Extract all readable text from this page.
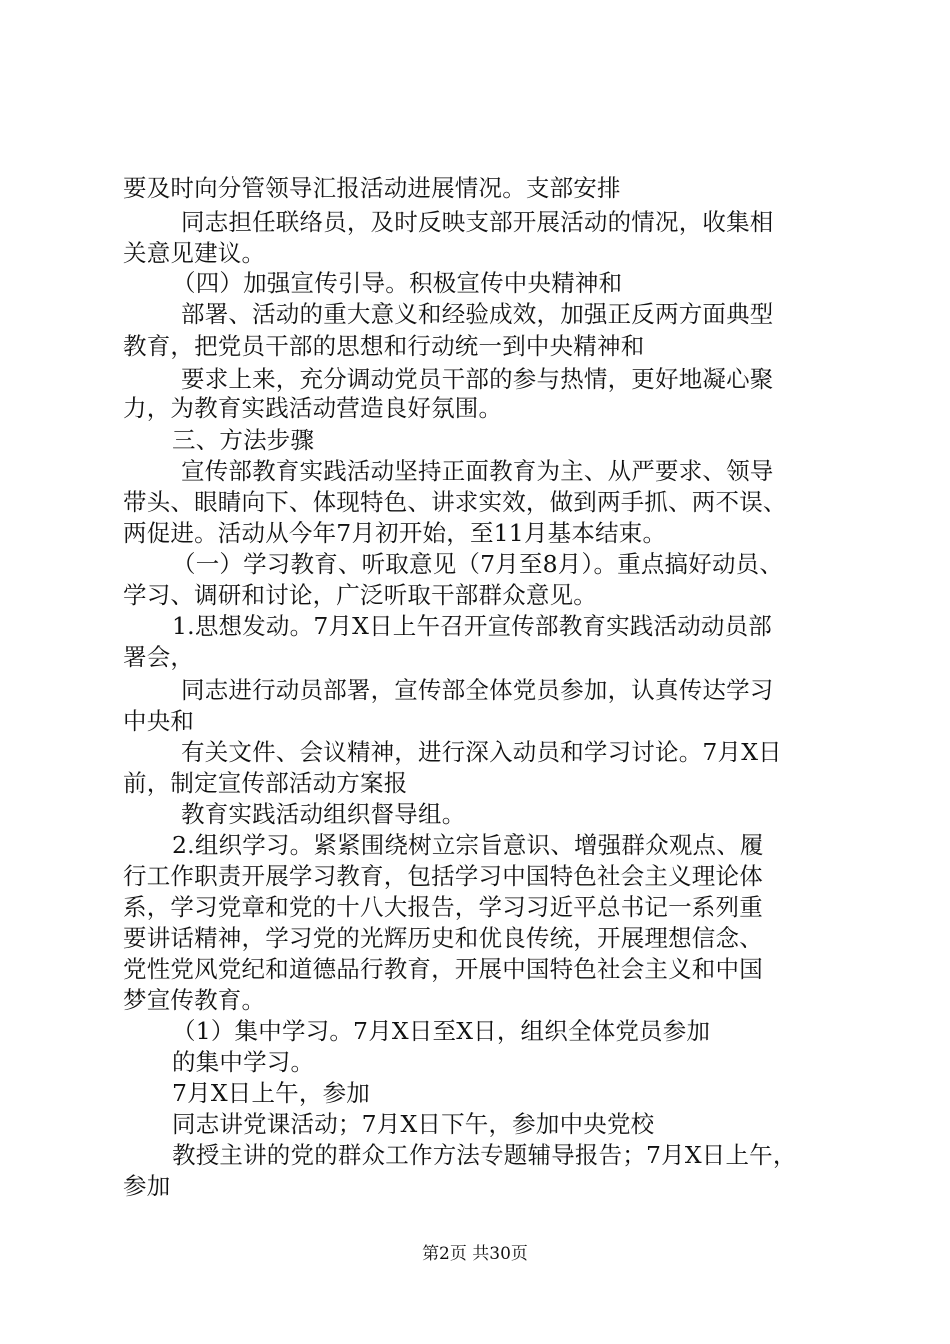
要及时向分管领导汇报活动进展情况。支部安排
同志担任联络员，及时反映支部开展活动的情况，收集相
关意见建议。
（四）加强宣传引导。积极宣传中央精神和
部署、活动的重大意义和经验成效，加强正反两方面典型
教育，把党员干部的思想和行动统一到中央精神和
要求上来，充分调动党员干部的参与热情，更好地凝心聚
力，为教育实践活动营造良好氛围。
三、方法步骤
宣传部教育实践活动坚持正面教育为主、从严要求、领导
带头、眼睛向下、体现特色、讲求实效，做到两手抓、两不误、
两促进。活动从今年7月初开始，至11月基本结束。
（一）学习教育、听取意见（7月至8月）。重点搞好动员、
学习、调研和讨论，广泛听取干部群众意见。
1.思想发动。7月X日上午召开宣传部教育实践活动动员部
署会，
同志进行动员部署，宣传部全体党员参加，认真传达学习
中央和
有关文件、会议精神，进行深入动员和学习讨论。7月X日
前，制定宣传部活动方案报
教育实践活动组织督导组。
2.组织学习。紧紧围绕树立宗旨意识、增强群众观点、履
行工作职责开展学习教育，包括学习中国特色社会主义理论体
系，学习党章和党的十八大报告，学习习近平总书记一系列重
要讲话精神，学习党的光辉历史和优良传统，开展理想信念、
党性党风党纪和道德品行教育，开展中国特色社会主义和中国
梦宣传教育。
（1）集中学习。7月X日至X日，组织全体党员参加
的集中学习。
7月X日上午，参加
同志讲党课活动；7月X日下午，参加中央党校
教授主讲的党的群众工作方法专题辅导报告；7月X日上午，
参加
第2页 共30页
